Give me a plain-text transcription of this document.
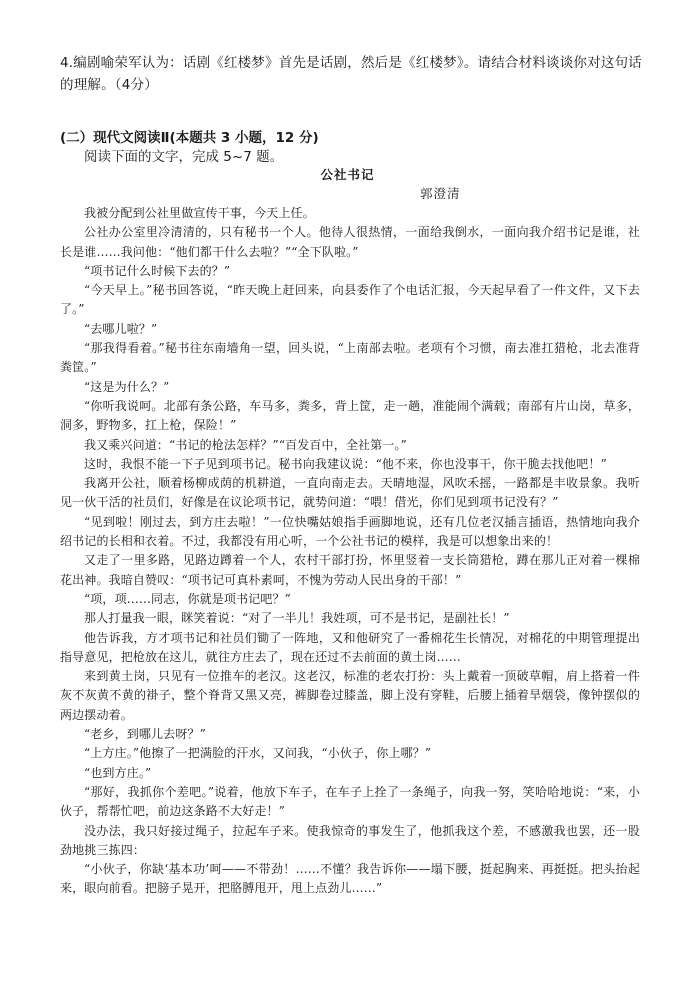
4.编剧喻荣军认为：话剧《红楼梦》首先是话剧，然后是《红楼梦》。请结合材料谈谈你对这句话的理解。（4分）
(二）现代文阅读Ⅱ(本题共 3 小题，12 分)
阅读下面的文字，完成 5~7 题。
公社书记
郭澄清

我被分配到公社里做宣传干事，今天上任。

公社办公室里冷清清的，只有秘书一个人。他待人很热情，一面给我倒水，一面向我介绍书记是谁，社长是谁……我问他：“他们都干什么去啦？”“全下队啦。”

“项书记什么时候下去的？”

“今天早上。”秘书回答说，“昨天晚上赶回来，向县委作了个电话汇报，今天起早看了一件文件，又下去了。”

“去哪儿啦？”

“那我得看着。”秘书往东南墙角一望，回头说，“上南部去啦。老项有个习惯，南去准扛猎枪，北去准背粪筐。”

“这是为什么？”

“你听我说呵。北部有条公路，车马多，粪多，背上筐，走一趟，准能闹个满载；南部有片山岗，草多，洞多，野物多，扛上枪，保险！”

我又乘兴问道：“书记的枪法怎样？”“百发百中，全社第一。”

这时，我恨不能一下子见到项书记。秘书向我建议说：“他不来，你也没事干，你干脆去找他吧！”

我离开公社，顺着杨柳成荫的机耕道，一直向南走去。天晴地湿，风吹禾摇，一路都是丰收景象。我听见一伙干活的社员们，好像是在议论项书记，就势问道：“喂！借光，你们见到项书记没有？”

“见到啦！刚过去，到方庄去啦！”一位快嘴姑娘指手画脚地说，还有几位老汉插言插语，热情地向我介绍书记的长相和衣着。不过，我都没有用心听，一个公社书记的模样，我是可以想象出来的！

又走了一里多路，见路边蹲着一个人，农村干部打扮，怀里竖着一支长筒猎枪，蹲在那儿正对着一棵棉花出神。我暗自赞叹：“项书记可真朴素呵，不愧为劳动人民出身的干部！”

“项，项……同志，你就是项书记吧？”

那人打量我一眼，眯笑着说：“对了一半儿！我姓项，可不是书记，是副社长！”

他告诉我，方才项书记和社员们锄了一阵地，又和他研究了一番棉花生长情况，对棉花的中期管理提出指导意见，把枪放在这儿，就往方庄去了，现在还过不去前面的黄土岗……

来到黄土岗，只见有一位推车的老汉。这老汉，标准的老农打扮：头上戴着一顶破草帽，肩上搭着一件灰不灰黄不黄的褂子，整个脊背又黑又亮，裤脚卷过膝盖，脚上没有穿鞋，后腰上插着旱烟袋，像钟摆似的两边摆动着。

“老乡，到哪儿去呀？”

“上方庄。”他擦了一把满脸的汗水，又问我，“小伙子，你上哪？”

“也到方庄。”

“那好，我抓你个差吧。”说着，他放下车子，在车子上拴了一条绳子，向我一努，笑哈哈地说：“来，小伙子，帮帮忙吧，前边这条路不大好走！”

没办法，我只好接过绳子，拉起车子来。使我惊奇的事发生了，他抓我这个差，不感激我也罢，还一股劲地挑三拣四：

“小伙子，你缺‘基本功’呵——不带劲！……不懂？我告诉你——塌下腰，挺起胸来、再挺挺。把头抬起来，眼向前看。把膀子晃开，把胳膊甩开，甩上点劲儿……”
